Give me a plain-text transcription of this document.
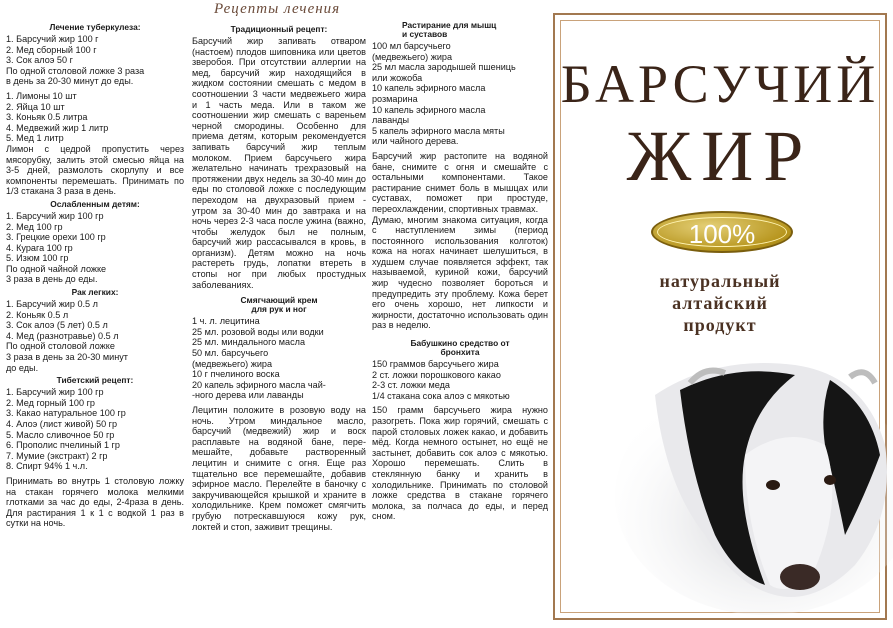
Рецепты лечения
Лечение туберкулеза:
1. Барсучий жир 100 г
2. Мед сборный 100 г
3. Сок алоэ 50 г
По одной столовой ложке 3 раза
в день за 20-30 минут до еды.
1. Лимоны 10 шт
2. Яйца 10 шт
3. Коньяк 0.5 литра
4. Медвежий жир 1 литр
5. Мед 1 литр
Лимон с цедрой пропустить через мясорубку, залить этой смесью яйца на 3-5 дней, размолоть скорлупу и все компоненты перемешать. Принимать по 1/3 стакана 3 раза в день.
Ослабленным детям:
1. Барсучий жир 100 гр
2. Мед 100 гр
3. Грецкие орехи 100 гр
4. Курага 100 гр
5. Изюм 100 гр
По одной чайной ложке
3 раза в день до еды.
Рак легких:
1. Барсучий жир 0.5 л
2. Коньяк 0.5 л
3. Сок алоэ (5 лет) 0.5 л
4. Мед (разнотравье) 0.5 л
По одной столовой ложке
3 раза в день за 20-30 минут
до еды.
Тибетский рецепт:
1. Барсучий жир 100 гр
2. Мед горный 100 гр
3. Какао натуральное 100 гр
4. Алоэ (лист живой) 50 гр
5. Масло сливочное 50 гр
6. Прополис пчелиный 1 гр
7. Мумие (экстракт) 2 гр
8. Спирт 94% 1 ч.л.
Принимать во внутрь 1 столовую ложку на стакан горячего молока мелкими глотками за час до еды, 2-4раза в день. Для растирания 1 к 1 с водкой 1 раз в сутки на ночь.
Традиционный рецепт:
Барсучий жир запивать отваром (настоем) плодов шиповника или цветов зверобоя. При отсутствии аллергии на мед, барсучий жир находящийся в жидком состоянии смешать с медом в соотношении 3 части медвежьего жира и 1 часть меда. Или в таком же соотношении жир смешать с вареньем черной смородины. Особенно для приема детям, которым рекомендуется запивать барсучий жир теплым молоком. Прием барсучьего жира желательно начинать трехразовый на протяжении двух недель за 30-40 мин до еды по столовой ложке с последующим переходом на двухразовый прием - утром за 30-40 мин до завтрака и на ночь через 2-3 часа после ужина (важно, чтобы желудок был не полным, барсучий жир рассасывался в кровь, в организм). Детям можно на ночь растереть грудь, лопатки втереть в стопы ног при любых простудных заболеваниях.
Смягчающий крем
для рук и ног
1 ч. л. лецитина
25 мл. розовой воды или водки
25 мл. миндального масла
50 мл. барсучьего
(медвежьего) жира
10 г пчелиного воска
20 капель эфирного масла чай-
-ного дерева или лаванды
Лецитин положите в розовую воду на ночь. Утром миндальное масло, барсучий (медвежий) жир и воск расплавьте на водяной бане, пере-мешайте, добавьте растворенный лецитин и снимите с огня. Еще раз тщательно все перемешайте, добавив эфирное масло. Перелейте в баночку с закручивающейся крышкой и храните в холодильнике. Крем поможет смягчить грубую потрескавшуюся кожу рук, локтей и стоп, заживит трещины.
Растирание для мышц
и суставов
100 мл барсучьего
(медвежьего) жира
25 мл масла зародышей пшениць
или жожоба
10 капель эфирного масла
розмарина
10 капель эфирного масла
лаванды
5 капель эфирного масла мяты
или чайного дерева.
Барсучий жир растопите на водяной бане, снимите с огня и смешайте с остальными компонентами. Такое растирание снимет боль в мышцах или суставах, поможет при простуде, переохлаждении, спортивных травмах.
Думаю, многим знакома ситуация, когда с наступлением зимы (период постоянного использования колготок) кожа на ногах начинает шелушиться, в худшем случае появляется эффект, так называемой, куриной кожи, барсучий жир чудесно позволяет бороться и предупредить эту проблему. Кожа берет его очень хорошо, нет липкости и жирности, достаточно использовать один раз в неделю.
Бабушкино средство от
бронхита
150 граммов барсучьего жира
2 ст. ложки порошкового какао
2-3 ст. ложки меда
1/4 стакана сока алоэ с мякотью
150 грамм барсучьего жира нужно разогреть. Пока жир горячий, смешать с парой столовых ложек какао, и добавить мёд. Когда немного остынет, но ещё не застынет, добавить сок алоэ с мякотью. Хорошо перемешать. Слить в стеклянную банку и хранить в холодильнике. Принимать по столовой ложке средства в стакане горячего молока, за полчаса до еды, и перед сном.
БАРСУЧИЙ
ЖИР
100%
натуральный
алтайский
продукт
